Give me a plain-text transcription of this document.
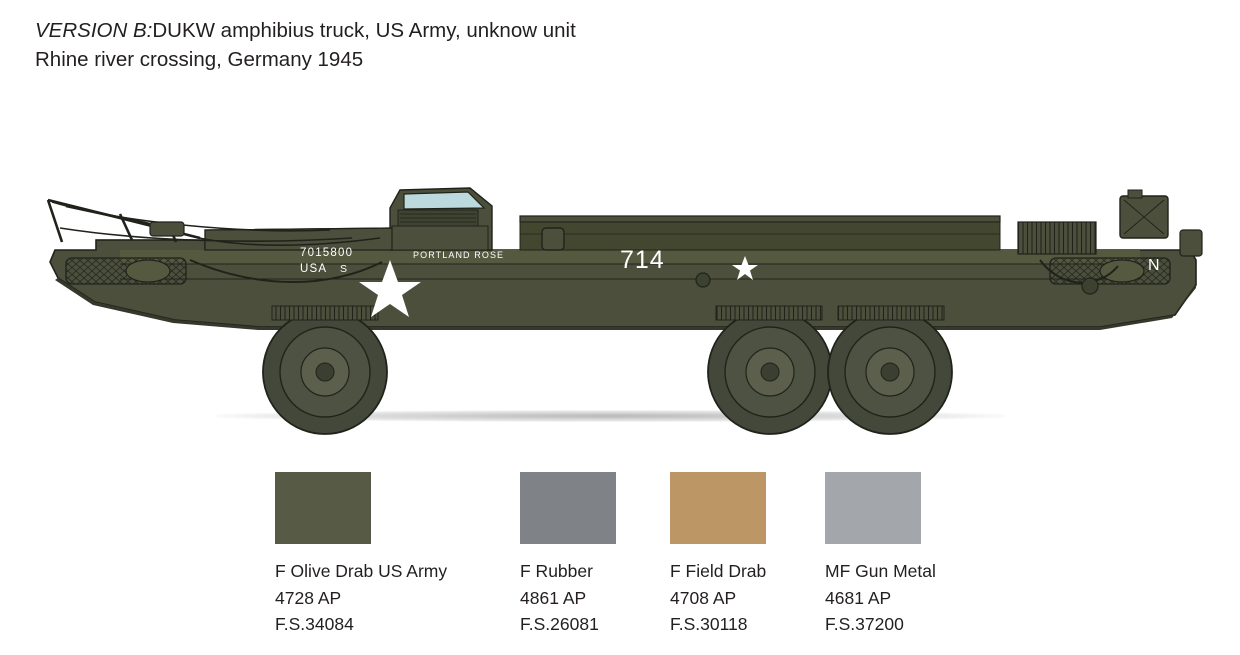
VERSION B:DUKW amphibius truck, US Army, unknow unit
Rhine river crossing, Germany 1945
7015800
USA S
PORTLAND ROSE	714	N
F Olive Drab US Army
4728 AP
F.S.34084
F Rubber
4861 AP
F.S.26081
F Field Drab
4708 AP
F.S.30118
MF Gun Metal
4681 AP
F.S.37200
